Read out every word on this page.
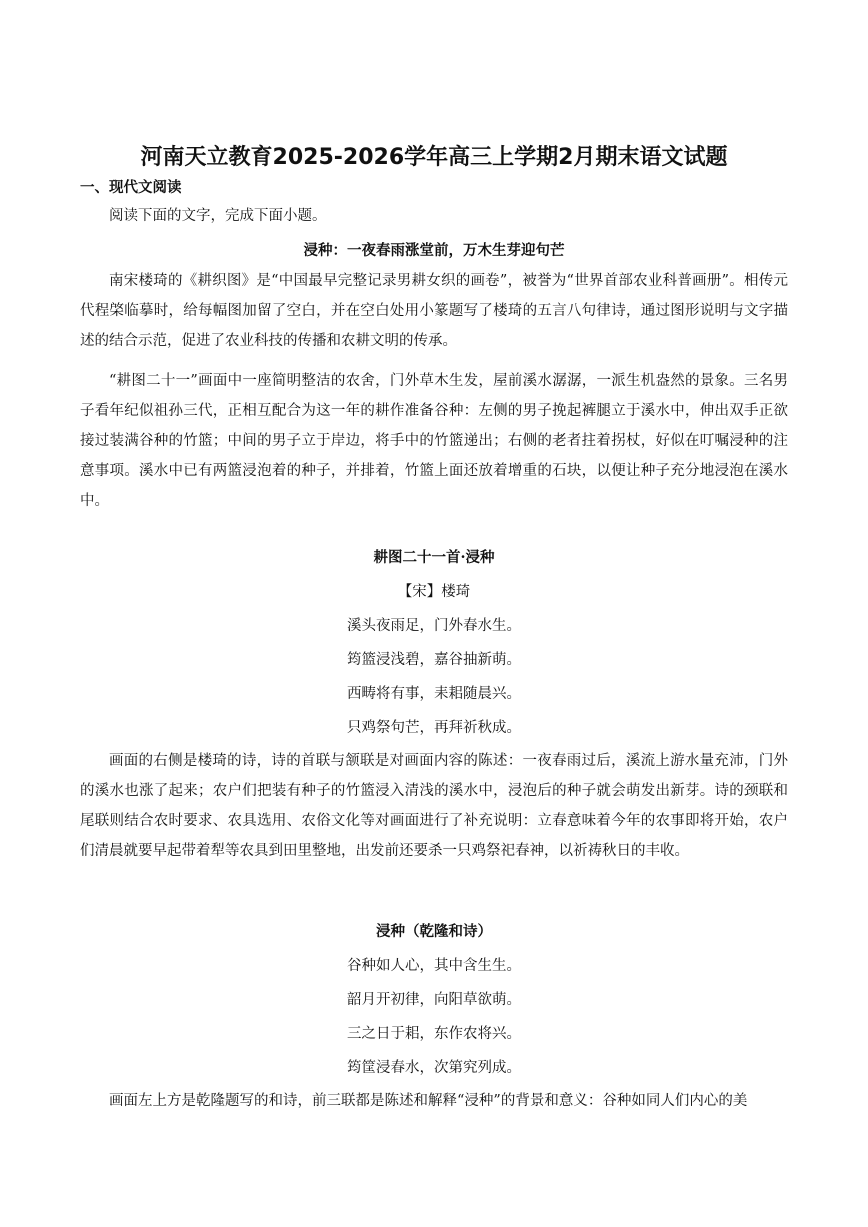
河南天立教育2025-2026学年高三上学期2月期末语文试题
一、现代文阅读

阅读下面的文字，完成下面小题。

浸种：一夜春雨涨堂前，万木生芽迎句芒

南宋楼琦的《耕织图》是“中国最早完整记录男耕女织的画卷”，被誉为“世界首部农业科普画册”。相传元代程棨临摹时，给每幅图加留了空白，并在空白处用小篆题写了楼琦的五言八句律诗，通过图形说明与文字描述的结合示范，促进了农业科技的传播和农耕文明的传承。

“耕图二十一”画面中一座简明整洁的农舍，门外草木生发，屋前溪水潺潺，一派生机盎然的景象。三名男子看年纪似祖孙三代，正相互配合为这一年的耕作准备谷种：左侧的男子挽起裤腿立于溪水中，伸出双手正欲接过装满谷种的竹篮；中间的男子立于岸边，将手中的竹篮递出；右侧的老者拄着拐杖，好似在叮嘱浸种的注意事项。溪水中已有两篮浸泡着的种子，并排着，竹篮上面还放着增重的石块，以便让种子充分地浸泡在溪水中。

耕图二十一首·浸种
【宋】楼琦
溪头夜雨足，门外春水生。
筠篮浸浅碧，嘉谷抽新萌。
西畴将有事，耒耜随晨兴。
只鸡祭句芒，再拜祈秋成。

画面的右侧是楼琦的诗，诗的首联与颔联是对画面内容的陈述：一夜春雨过后，溪流上游水量充沛，门外的溪水也涨了起来；农户们把装有种子的竹篮浸入清浅的溪水中，浸泡后的种子就会萌发出新芽。诗的颈联和尾联则结合农时要求、农具选用、农俗文化等对画面进行了补充说明：立春意味着今年的农事即将开始，农户们清晨就要早起带着犁等农具到田里整地，出发前还要杀一只鸡祭祀春神，以祈祷秋日的丰收。

浸种（乾隆和诗）
谷种如人心，其中含生生。
韶月开初律，向阳草欲萌。
三之日于耜，东作农将兴。
筠筐浸春水，次第究列成。

画面左上方是乾隆题写的和诗，前三联都是陈述和解释“浸种”的背景和意义：谷种如同人们内心的美
